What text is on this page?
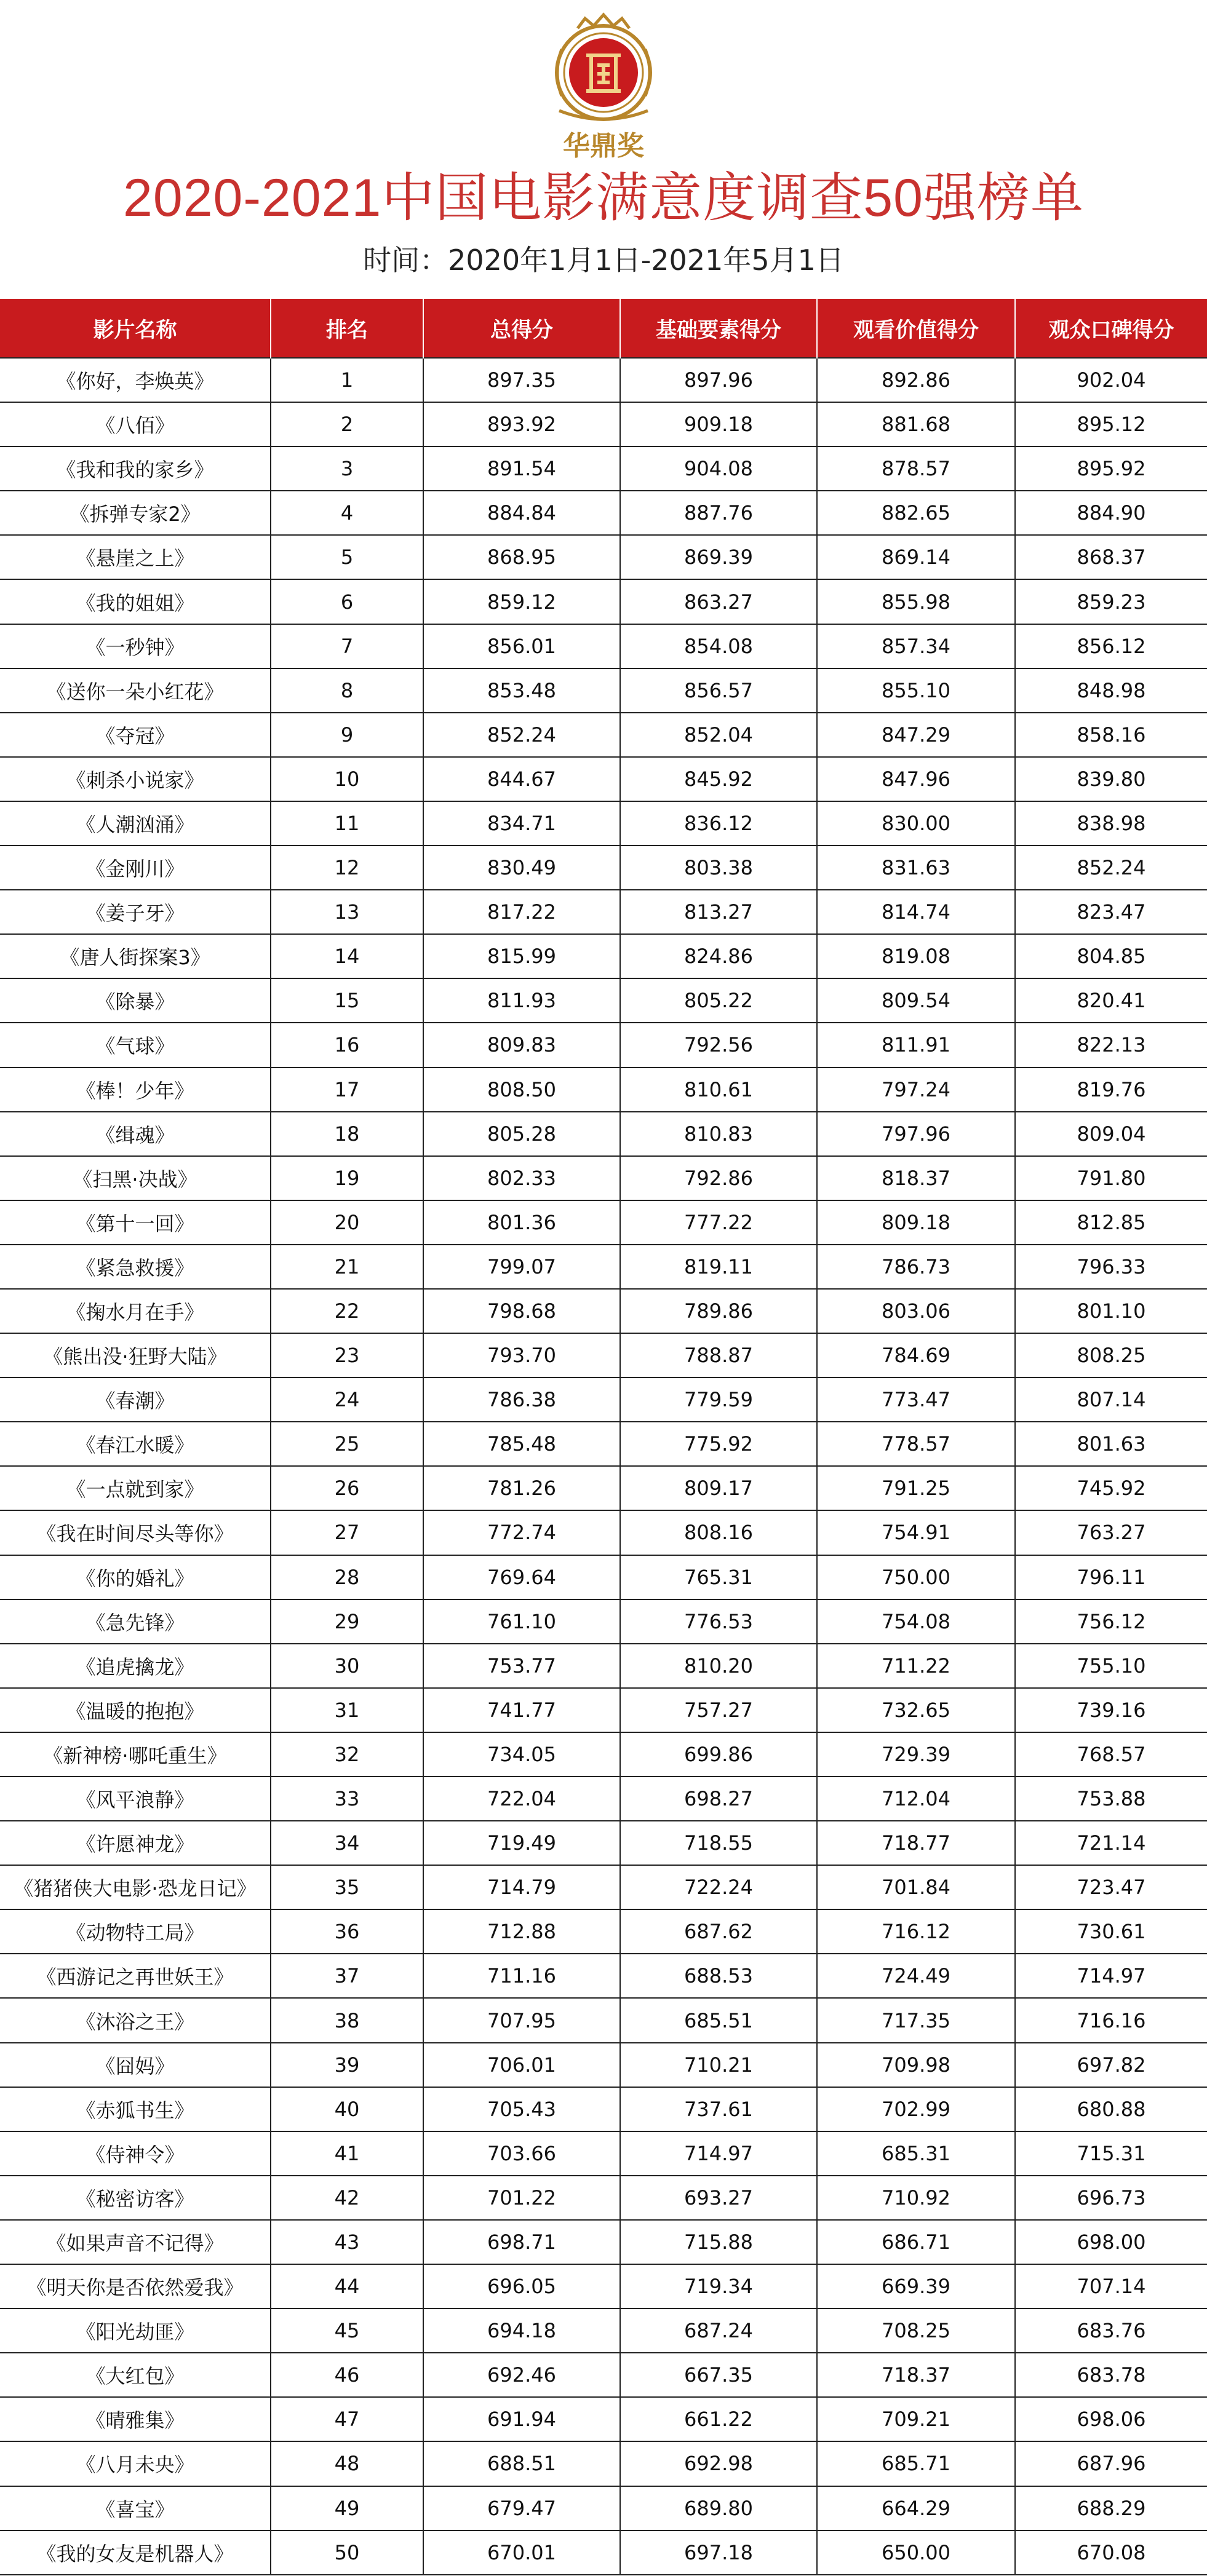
华鼎奖
2020-2021中国电影满意度调查50强榜单
时间：2020年1月1日-2021年5月1日
影片名称	排名	总得分	基础要素得分	观看价值得分	观众口碑得分
《你好，李焕英》	1	897.35	897.96	892.86	902.04
《八佰》	2	893.92	909.18	881.68	895.12
《我和我的家乡》	3	891.54	904.08	878.57	895.92
《拆弹专家2》	4	884.84	887.76	882.65	884.90
《悬崖之上》	5	868.95	869.39	869.14	868.37
《我的姐姐》	6	859.12	863.27	855.98	859.23
《一秒钟》	7	856.01	854.08	857.34	856.12
《送你一朵小红花》	8	853.48	856.57	855.10	848.98
《夺冠》	9	852.24	852.04	847.29	858.16
《刺杀小说家》	10	844.67	845.92	847.96	839.80
《人潮汹涌》	11	834.71	836.12	830.00	838.98
《金刚川》	12	830.49	803.38	831.63	852.24
《姜子牙》	13	817.22	813.27	814.74	823.47
《唐人街探案3》	14	815.99	824.86	819.08	804.85
《除暴》	15	811.93	805.22	809.54	820.41
《气球》	16	809.83	792.56	811.91	822.13
《棒！少年》	17	808.50	810.61	797.24	819.76
《缉魂》	18	805.28	810.83	797.96	809.04
《扫黑·决战》	19	802.33	792.86	818.37	791.80
《第十一回》	20	801.36	777.22	809.18	812.85
《紧急救援》	21	799.07	819.11	786.73	796.33
《掬水月在手》	22	798.68	789.86	803.06	801.10
《熊出没·狂野大陆》	23	793.70	788.87	784.69	808.25
《春潮》	24	786.38	779.59	773.47	807.14
《春江水暖》	25	785.48	775.92	778.57	801.63
《一点就到家》	26	781.26	809.17	791.25	745.92
《我在时间尽头等你》	27	772.74	808.16	754.91	763.27
《你的婚礼》	28	769.64	765.31	750.00	796.11
《急先锋》	29	761.10	776.53	754.08	756.12
《追虎擒龙》	30	753.77	810.20	711.22	755.10
《温暖的抱抱》	31	741.77	757.27	732.65	739.16
《新神榜·哪吒重生》	32	734.05	699.86	729.39	768.57
《风平浪静》	33	722.04	698.27	712.04	753.88
《许愿神龙》	34	719.49	718.55	718.77	721.14
《猪猪侠大电影·恐龙日记》	35	714.79	722.24	701.84	723.47
《动物特工局》	36	712.88	687.62	716.12	730.61
《西游记之再世妖王》	37	711.16	688.53	724.49	714.97
《沐浴之王》	38	707.95	685.51	717.35	716.16
《囧妈》	39	706.01	710.21	709.98	697.82
《赤狐书生》	40	705.43	737.61	702.99	680.88
《侍神令》	41	703.66	714.97	685.31	715.31
《秘密访客》	42	701.22	693.27	710.92	696.73
《如果声音不记得》	43	698.71	715.88	686.71	698.00
《明天你是否依然爱我》	44	696.05	719.34	669.39	707.14
《阳光劫匪》	45	694.18	687.24	708.25	683.76
《大红包》	46	692.46	667.35	718.37	683.78
《晴雅集》	47	691.94	661.22	709.21	698.06
《八月未央》	48	688.51	692.98	685.71	687.96
《喜宝》	49	679.47	689.80	664.29	688.29
《我的女友是机器人》	50	670.01	697.18	650.00	670.08
